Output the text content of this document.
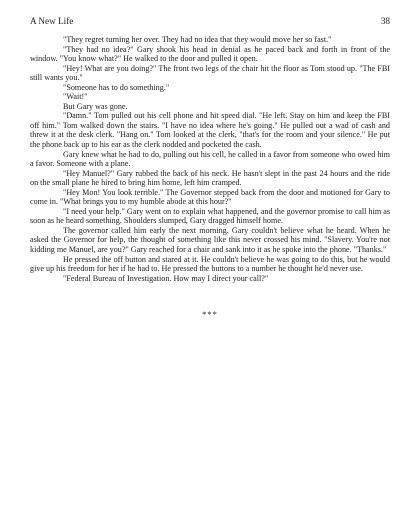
A New Life	38

"They regret turning her over. They had no idea that they would move her so fast."

"They had no idea?" Gary shook his head in denial as he paced back and forth in front of the window. "You know what?" He walked to the door and pulled it open.

"Hey! What are you doing?" The front two legs of the chair hit the floor as Tom stood up. "The FBI still wants you."

"Someone has to do something."

"Wait!"

But Gary was gone.

"Damn." Tom pulled out his cell phone and hit speed dial. "He left. Stay on him and keep the FBI off him." Tom walked down the stairs. "I have no idea where he's going." He pulled out a wad of cash and threw it at the desk clerk. "Hang on." Tom looked at the clerk, "that's for the room and your silence." He put the phone back up to his ear as the clerk nodded and pocketed the cash.

Gary knew what he had to do, pulling out his cell, he called in a favor from someone who owed him a favor. Someone with a plane.

"Hey Manuel?" Gary rubbed the back of his neck. He hasn't slept in the past 24 hours and the ride on the small plane he hired to bring him home, left him cramped.

"Hey Mon! You look terrible." The Governor stepped back from the door and motioned for Gary to come in. "What brings you to my humble abode at this hour?"

"I need your help." Gary went on to explain what happened, and the governor promise to call him as soon as he heard something. Shoulders slumped, Gary dragged himself home.

The governor called him early the next morning. Gary couldn't believe what he heard. When he asked the Governor for help, the thought of something like this never crossed his mind. "Slavery. You're not kidding me Manuel, are you?" Gary reached for a chair and sank into it as he spoke into the phone. "Thanks."

He pressed the off button and stared at it. He couldn't believe he was going to do this, but he would give up his freedom for her if he had to. He pressed the buttons to a number he thought he'd never use.

"Federal Bureau of Investigation. How may I direct your call?"

***
